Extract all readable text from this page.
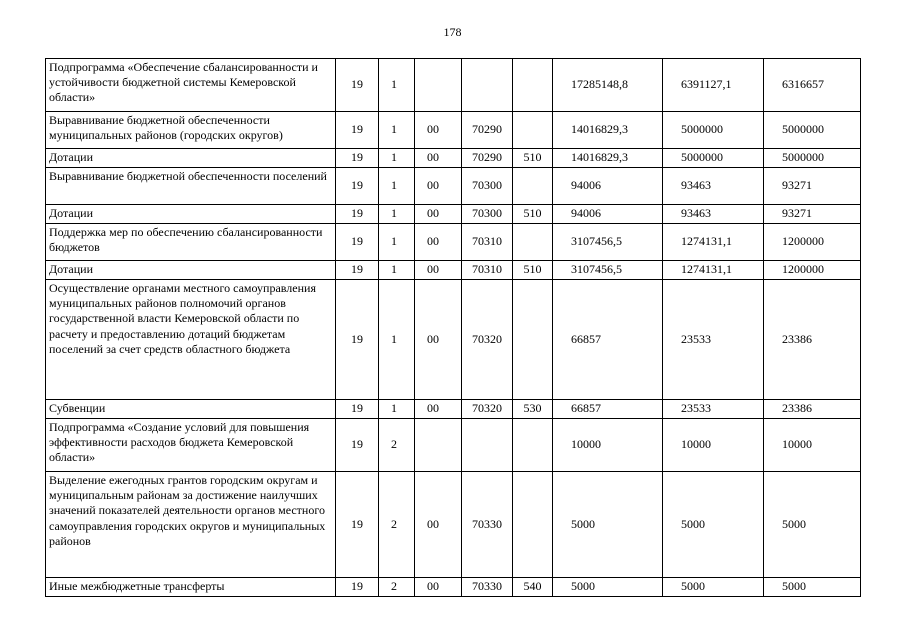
178
Подпрограмма «Обеспечение сбалансированности и устойчивости бюджетной системы Кемеровской области»	19	1				17285148,8	6391127,1	6316657
Выравнивание бюджетной обеспеченности муниципальных районов (городских округов)	19	1	00	70290		14016829,3	5000000	5000000
Дотации	19	1	00	70290	510	14016829,3	5000000	5000000
Выравнивание бюджетной обеспеченности поселений	19	1	00	70300		94006	93463	93271
Дотации	19	1	00	70300	510	94006	93463	93271
Поддержка мер по обеспечению сбалансированности бюджетов	19	1	00	70310		3107456,5	1274131,1	1200000
Дотации	19	1	00	70310	510	3107456,5	1274131,1	1200000
Осуществление органами местного самоуправления муниципальных районов полномочий органов государственной власти Кемеровской области по расчету и предоставлению дотаций бюджетам поселений за счет средств областного бюджета	19	1	00	70320		66857	23533	23386
Субвенции	19	1	00	70320	530	66857	23533	23386
Подпрограмма «Создание условий для повышения эффективности расходов бюджета Кемеровской области»	19	2				10000	10000	10000
Выделение ежегодных грантов городским округам и муниципальным районам за достижение наилучших значений показателей деятельности органов местного самоуправления городских округов и муниципальных районов	19	2	00	70330		5000	5000	5000
Иные межбюджетные трансферты	19	2	00	70330	540	5000	5000	5000
